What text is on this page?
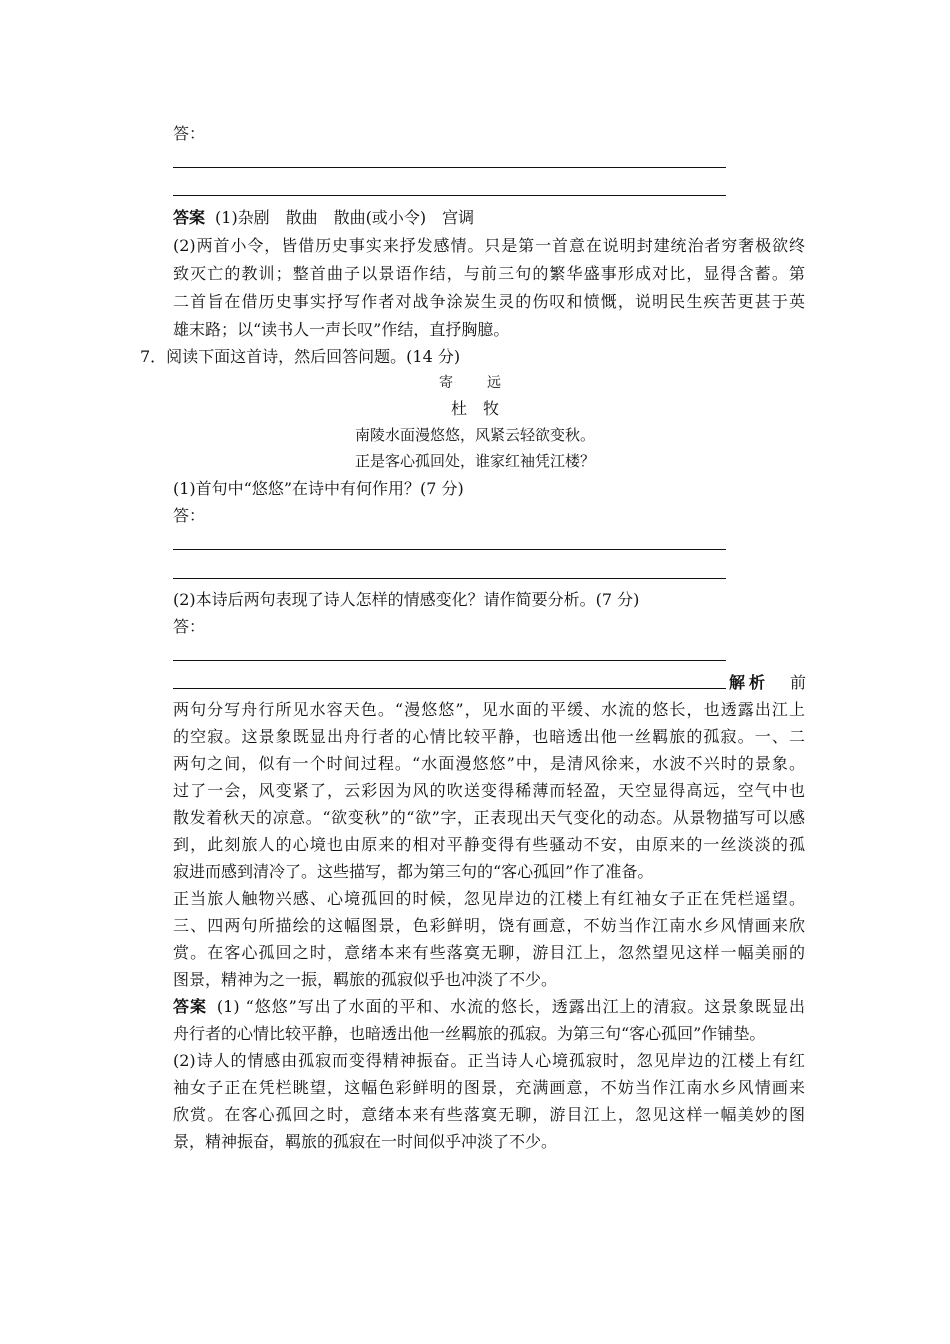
答：
答案 (1)杂剧　散曲　散曲(或小令)　宫调
(2)两首小令，皆借历史事实来抒发感情。只是第一首意在说明封建统治者穷奢极欲终
致灭亡的教训；整首曲子以景语作结，与前三句的繁华盛事形成对比，显得含蓄。第
二首旨在借历史事实抒写作者对战争涂炭生灵的伤叹和愤慨，说明民生疾苦更甚于英
雄末路；以“读书人一声长叹”作结，直抒胸臆。
7．阅读下面这首诗，然后回答问题。(14 分)
寄　远
杜　牧
南陵水面漫悠悠，风紧云轻欲变秋。
正是客心孤回处，谁家红袖凭江楼？
(1)首句中“悠悠”在诗中有何作用？(7 分)
答：
(2)本诗后两句表现了诗人怎样的情感变化？请作简要分析。(7 分)
答：
解析 前
两句分写舟行所见水容天色。“漫悠悠”，见水面的平缓、水流的悠长，也透露出江上
的空寂。这景象既显出舟行者的心情比较平静，也暗透出他一丝羁旅的孤寂。一、二
两句之间，似有一个时间过程。“水面漫悠悠”中，是清风徐来，水波不兴时的景象。
过了一会，风变紧了，云彩因为风的吹送变得稀薄而轻盈，天空显得高远，空气中也
散发着秋天的凉意。“欲变秋”的“欲”字，正表现出天气变化的动态。从景物描写可以感
到，此刻旅人的心境也由原来的相对平静变得有些骚动不安，由原来的一丝淡淡的孤
寂进而感到清冷了。这些描写，都为第三句的“客心孤回”作了准备。
正当旅人触物兴感、心境孤回的时候，忽见岸边的江楼上有红袖女子正在凭栏遥望。
三、四两句所描绘的这幅图景，色彩鲜明，饶有画意，不妨当作江南水乡风情画来欣
赏。在客心孤回之时，意绪本来有些落寞无聊，游目江上，忽然望见这样一幅美丽的
图景，精神为之一振，羁旅的孤寂似乎也冲淡了不少。
答案 (1) “悠悠”写出了水面的平和、水流的悠长，透露出江上的清寂。这景象既显出
舟行者的心情比较平静，也暗透出他一丝羁旅的孤寂。为第三句“客心孤回”作铺垫。
(2)诗人的情感由孤寂而变得精神振奋。正当诗人心境孤寂时，忽见岸边的江楼上有红
袖女子正在凭栏眺望，这幅色彩鲜明的图景，充满画意，不妨当作江南水乡风情画来
欣赏。在客心孤回之时，意绪本来有些落寞无聊，游目江上，忽见这样一幅美妙的图
景，精神振奋，羁旅的孤寂在一时间似乎冲淡了不少。
